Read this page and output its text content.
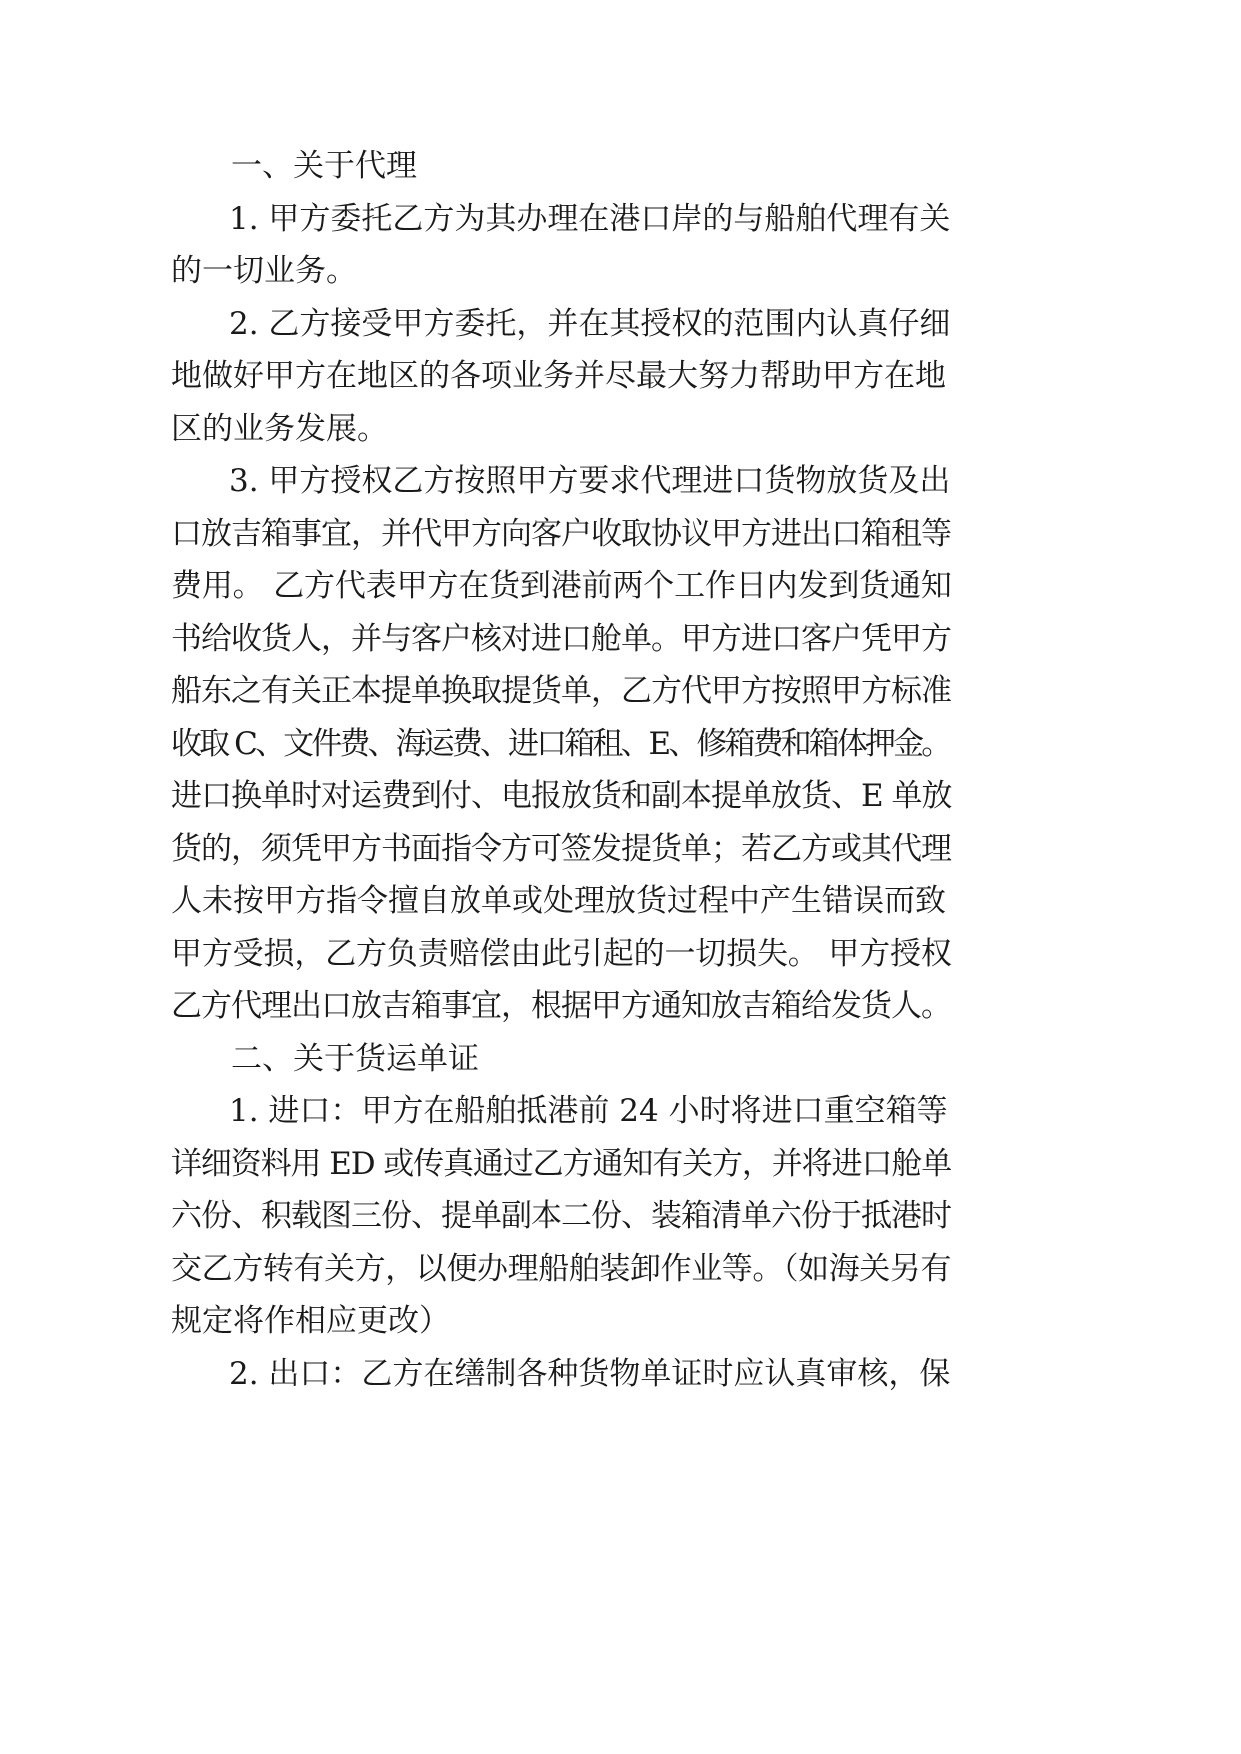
一、关于代理
1. 甲方委托乙方为其办理在港口岸的与船舶代理有关
的一切业务。
2. 乙方接受甲方委托，并在其授权的范围内认真仔细
地做好甲方在地区的各项业务并尽最大努力帮助甲方在地
区的业务发展。
3. 甲方授权乙方按照甲方要求代理进口货物放货及出
口放吉箱事宜，并代甲方向客户收取协议甲方进出口箱租等
费用。 乙方代表甲方在货到港前两个工作日内发到货通知
书给收货人，并与客户核对进口舱单。甲方进口客户凭甲方
船东之有关正本提单换取提货单，乙方代甲方按照甲方标准
收取 C、文件费、海运费、进口箱租、E、修箱费和箱体押金。
进口换单时对运费到付、电报放货和副本提单放货、E 单放
货的，须凭甲方书面指令方可签发提货单；若乙方或其代理
人未按甲方指令擅自放单或处理放货过程中产生错误而致
甲方受损，乙方负责赔偿由此引起的一切损失。 甲方授权
乙方代理出口放吉箱事宜，根据甲方通知放吉箱给发货人。
二、关于货运单证
1. 进口：甲方在船舶抵港前 24 小时将进口重空箱等
详细资料用 ED 或传真通过乙方通知有关方，并将进口舱单
六份、积载图三份、提单副本二份、装箱清单六份于抵港时
交乙方转有关方，以便办理船舶装卸作业等。（如海关另有
规定将作相应更改）
2. 出口：乙方在缮制各种货物单证时应认真审核，保
